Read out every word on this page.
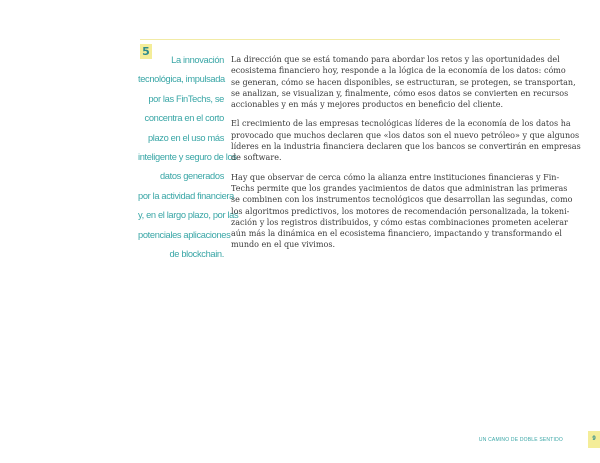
5
La innovación
tecnológica, impulsada
por las FinTechs, se
concentra en el corto
plazo en el uso más
inteligente y seguro de los
datos generados
por la actividad financiera
y, en el largo plazo, por las
potenciales aplicaciones
de blockchain.

La dirección que se está tomando para abordar los retos y las oportunidades del
ecosistema financiero hoy, responde a la lógica de la economía de los datos: cómo
se generan, cómo se hacen disponibles, se estructuran, se protegen, se transportan,
se analizan, se visualizan y, finalmente, cómo esos datos se convierten en recursos
accionables y en más y mejores productos en beneficio del cliente.

El crecimiento de las empresas tecnológicas líderes de la economía de los datos ha
provocado que muchos declaren que «los datos son el nuevo petróleo» y que algunos
líderes en la industria financiera declaren que los bancos se convertirán en empresas
de software.

Hay que observar de cerca cómo la alianza entre instituciones financieras y Fin-
Techs permite que los grandes yacimientos de datos que administran las primeras
se combinen con los instrumentos tecnológicos que desarrollan las segundas, como
los algoritmos predictivos, los motores de recomendación personalizada, la tokeni-
zación y los registros distribuidos, y cómo estas combinaciones prometen acelerar
aún más la dinámica en el ecosistema financiero, impactando y transformando el
mundo en el que vivimos.

UN CAMINO DE DOBLE SENTIDO	9
